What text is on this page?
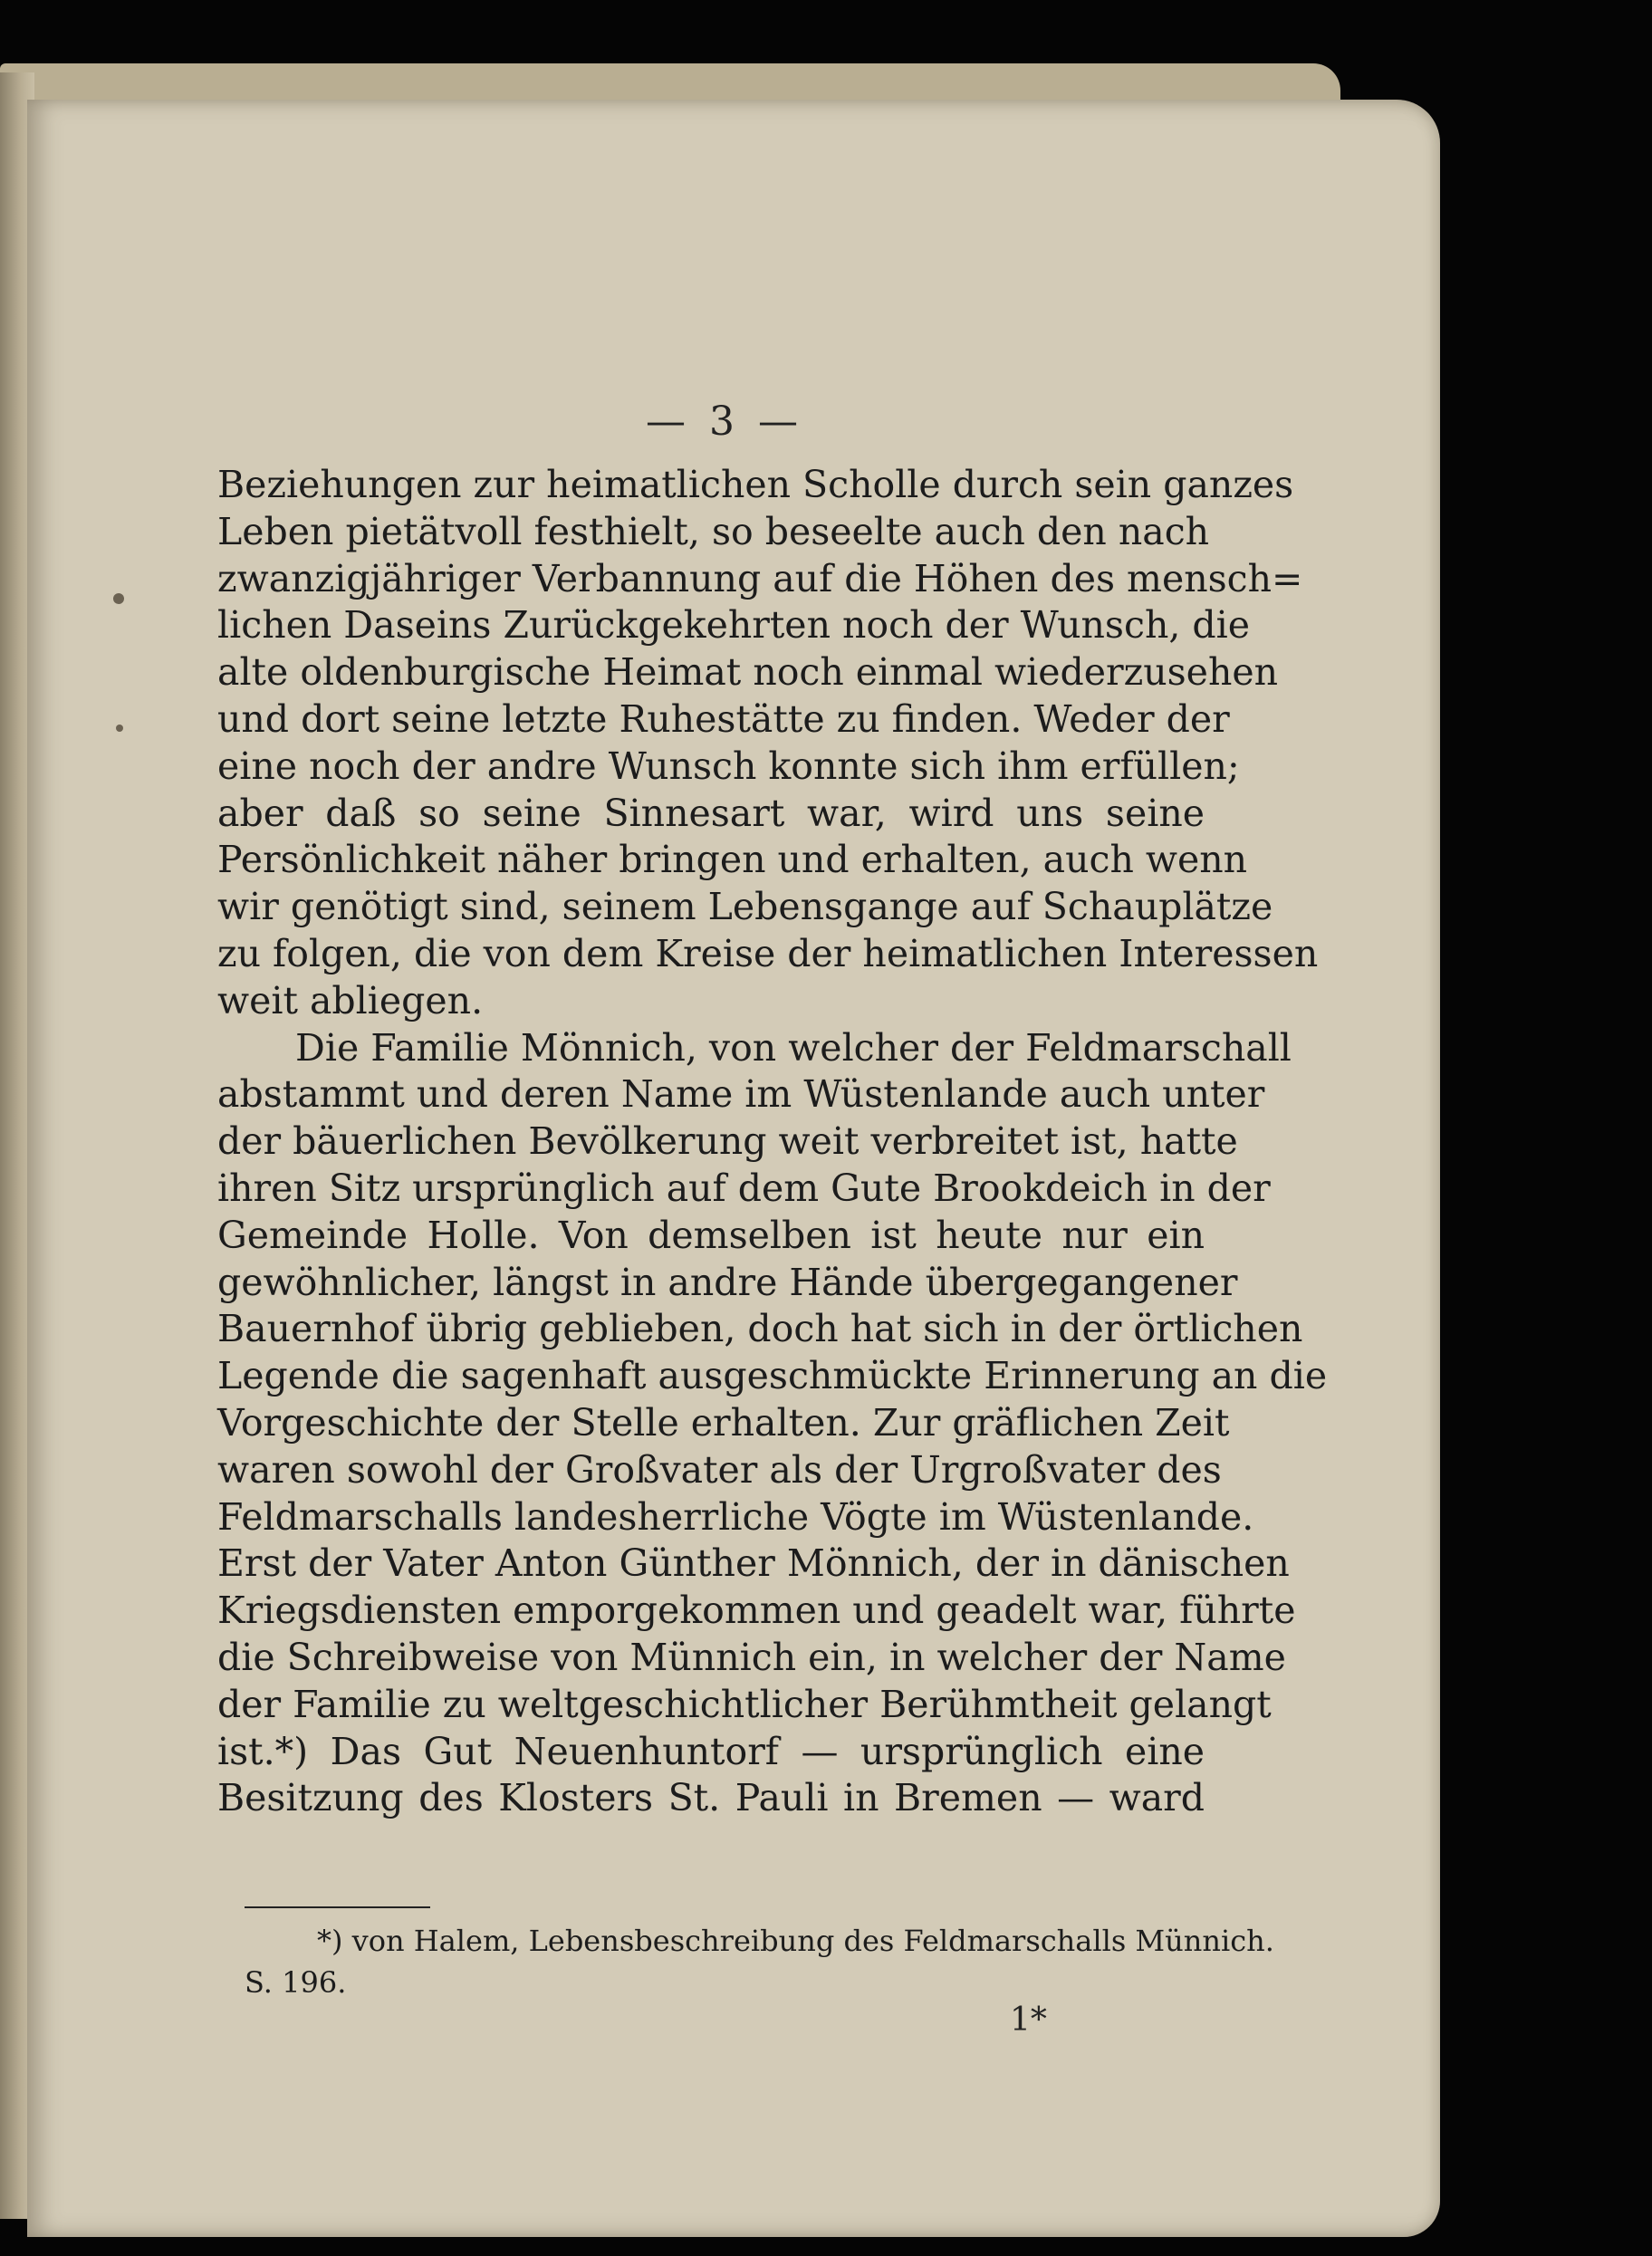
— 3 —
Beziehungen zur heimatlichen Scholle durch sein ganzes
Leben pietätvoll festhielt, so beseelte auch den nach
zwanzigjähriger Verbannung auf die Höhen des mensch=
lichen Daseins Zurückgekehrten noch der Wunsch, die
alte oldenburgische Heimat noch einmal wiederzusehen
und dort seine letzte Ruhestätte zu finden. Weder der
eine noch der andre Wunsch konnte sich ihm erfüllen;
aber daß so seine Sinnesart war, wird uns seine
Persönlichkeit näher bringen und erhalten, auch wenn
wir genötigt sind, seinem Lebensgange auf Schauplätze
zu folgen, die von dem Kreise der heimatlichen Interessen
weit abliegen.
Die Familie Mönnich, von welcher der Feldmarschall
abstammt und deren Name im Wüstenlande auch unter
der bäuerlichen Bevölkerung weit verbreitet ist, hatte
ihren Sitz ursprünglich auf dem Gute Brookdeich in der
Gemeinde Holle. Von demselben ist heute nur ein
gewöhnlicher, längst in andre Hände übergegangener
Bauernhof übrig geblieben, doch hat sich in der örtlichen
Legende die sagenhaft ausgeschmückte Erinnerung an die
Vorgeschichte der Stelle erhalten. Zur gräflichen Zeit
waren sowohl der Großvater als der Urgroßvater des
Feldmarschalls landesherrliche Vögte im Wüstenlande.
Erst der Vater Anton Günther Mönnich, der in dänischen
Kriegsdiensten emporgekommen und geadelt war, führte
die Schreibweise von Münnich ein, in welcher der Name
der Familie zu weltgeschichtlicher Berühmtheit gelangt
ist.*) Das Gut Neuenhuntorf — ursprünglich eine
Besitzung des Klosters St. Pauli in Bremen — ward
*) von Halem, Lebensbeschreibung des Feldmarschalls Münnich.
S. 196.
1*
